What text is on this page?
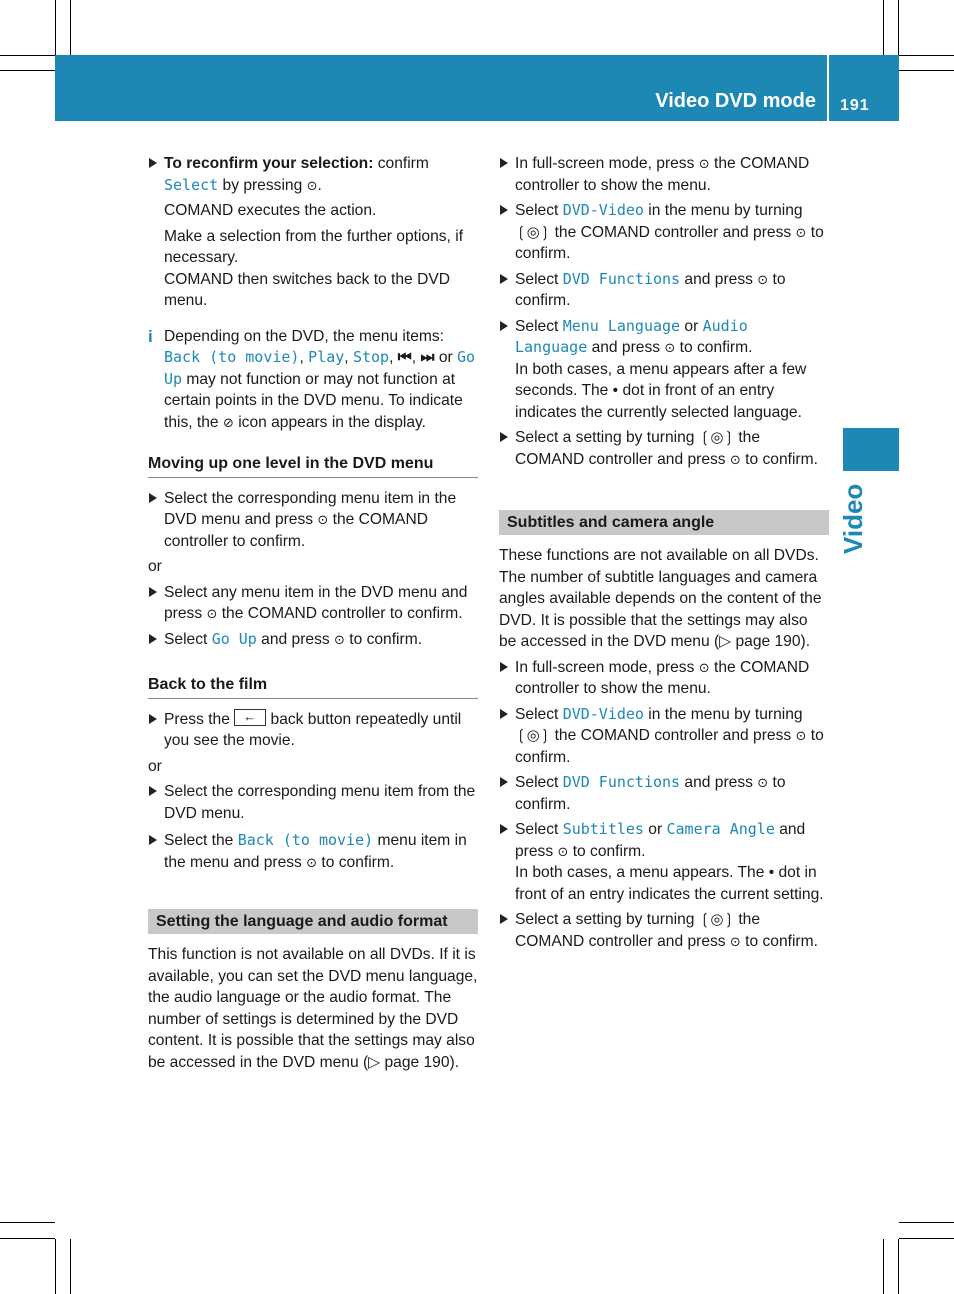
Video DVD mode 191
Video
To reconfirm your selection: confirm Select by pressing ⊙.
COMAND executes the action.
Make a selection from the further options, if necessary.
COMAND then switches back to the DVD menu.
i Depending on the DVD, the menu items: Back (to movie), Play, Stop, ⏮, ⏭ or Go Up may not function or may not function at certain points in the DVD menu. To indicate this, the ⊘ icon appears in the display.
Moving up one level in the DVD menu
Select the corresponding menu item in the DVD menu and press ⊙ the COMAND controller to confirm.
or
Select any menu item in the DVD menu and press ⊙ the COMAND controller to confirm.
Select Go Up and press ⊙ to confirm.
Back to the film
Press the ← back button repeatedly until you see the movie.
or
Select the corresponding menu item from the DVD menu.
Select the Back (to movie) menu item in the menu and press ⊙ to confirm.
Setting the language and audio format
This function is not available on all DVDs. If it is available, you can set the DVD menu language, the audio language or the audio format. The number of settings is determined by the DVD content. It is possible that the settings may also be accessed in the DVD menu (▷ page 190).
In full-screen mode, press ⊙ the COMAND controller to show the menu.
Select DVD-Video in the menu by turning ❲◎❳ the COMAND controller and press ⊙ to confirm.
Select DVD Functions and press ⊙ to confirm.
Select Menu Language or Audio Language and press ⊙ to confirm.
In both cases, a menu appears after a few seconds. The • dot in front of an entry indicates the currently selected language.
Select a setting by turning ❲◎❳ the COMAND controller and press ⊙ to confirm.
Subtitles and camera angle
These functions are not available on all DVDs. The number of subtitle languages and camera angles available depends on the content of the DVD. It is possible that the settings may also be accessed in the DVD menu (▷ page 190).
In full-screen mode, press ⊙ the COMAND controller to show the menu.
Select DVD-Video in the menu by turning ❲◎❳ the COMAND controller and press ⊙ to confirm.
Select DVD Functions and press ⊙ to confirm.
Select Subtitles or Camera Angle and press ⊙ to confirm.
In both cases, a menu appears. The • dot in front of an entry indicates the current setting.
Select a setting by turning ❲◎❳ the COMAND controller and press ⊙ to confirm.
